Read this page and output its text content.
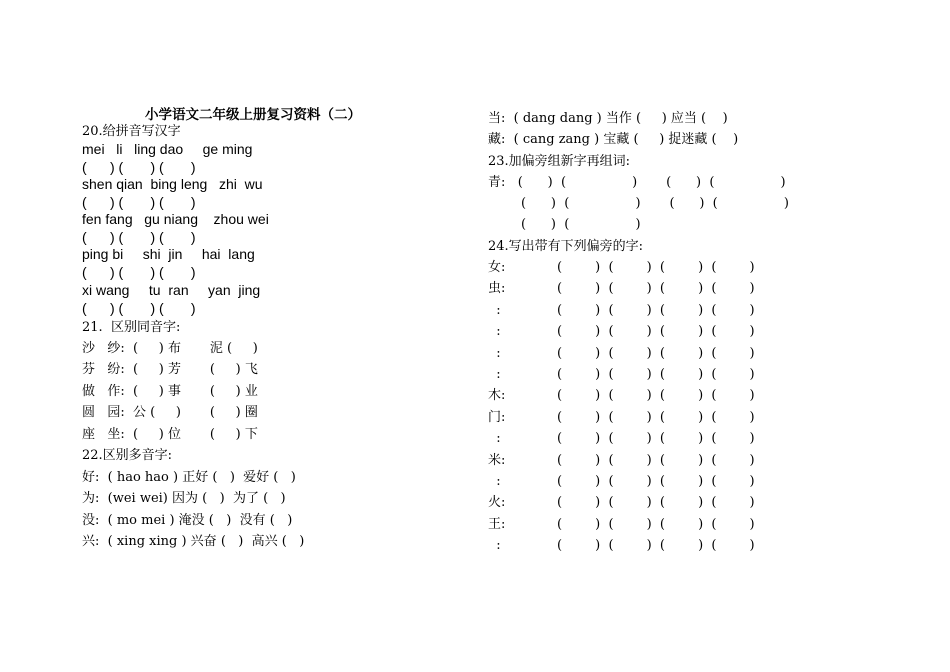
小学语文二年级上册复习资料（二）
20.给拼音写汉字
mei   li   ling dao     ge ming
(      ) (       ) (       )
shen qian  bing leng   zhi  wu
(      ) (       ) (       )
fen fang   gu niang    zhou wei
(      ) (       ) (       )
ping bi     shi  jin     hai  lang
(      ) (       ) (       )
xi wang     tu  ran     yan  jing
(      ) (       ) (       )
21.  区别同音字:
沙   纱:  (     ) 布       泥 (     )
芬   纷:  (     ) 芳       (     ) 飞
做   作:  (     ) 事       (     ) 业
圆   园:  公 (     )       (     ) 圈
座   坐:  (     ) 位       (     ) 下
22.区别多音字:
好:  ( hao hao ) 正好 (   )  爱好 (   )
为:  (wei wei) 因为 (   )  为了 (   )
没:  ( mo mei ) 淹没 (   )  没有 (   )
兴:  ( xing xing ) 兴奋 (   )  高兴 (   )
当:  ( dang dang ) 当作 (     ) 应当 (    )
藏:  ( cang zang ) 宝藏 (     ) 捉迷藏 (    )
23.加偏旁组新字再组词:
青:   (      )  (                )       (      )  (                )
(      )  (                )       (      )  (                )
(      )  (                )
24.写出带有下列偏旁的字:
女:	(        )  (        )  (        )  (        )
虫:	(        )  (        )  (        )  (        )
:	(        )  (        )  (        )  (        )
:	(        )  (        )  (        )  (        )
:	(        )  (        )  (        )  (        )
:	(        )  (        )  (        )  (        )
木:	(        )  (        )  (        )  (        )
门:	(        )  (        )  (        )  (        )
:	(        )  (        )  (        )  (        )
米:	(        )  (        )  (        )  (        )
:	(        )  (        )  (        )  (        )
火:	(        )  (        )  (        )  (        )
王:	(        )  (        )  (        )  (        )
:	(        )  (        )  (        )  (        )
